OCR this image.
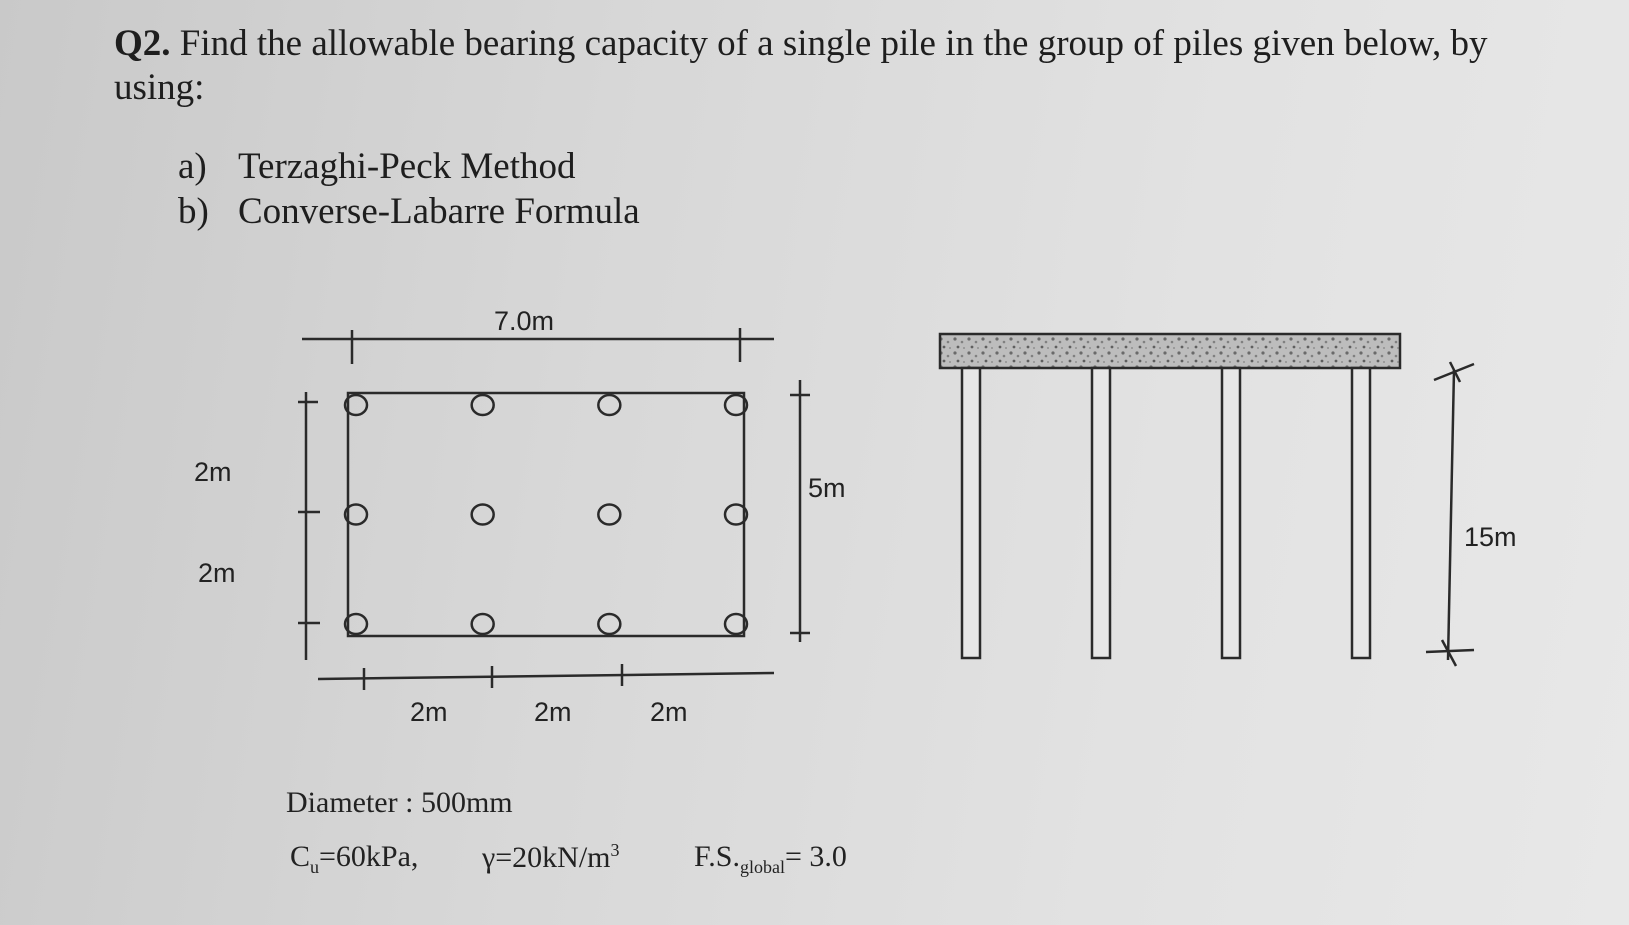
Q2. Find the allowable bearing capacity of a single pile in the group of piles given below, by using:
a) Terzaghi-Peck Method
b) Converse-Labarre Formula
7.0m
2m
2m
2m	2m	2m
5m
15m
Diameter : 500mm
$C_u=60kPa$, $\gamma=20kN/m^3$ $F.S._{global}= 3.0$
